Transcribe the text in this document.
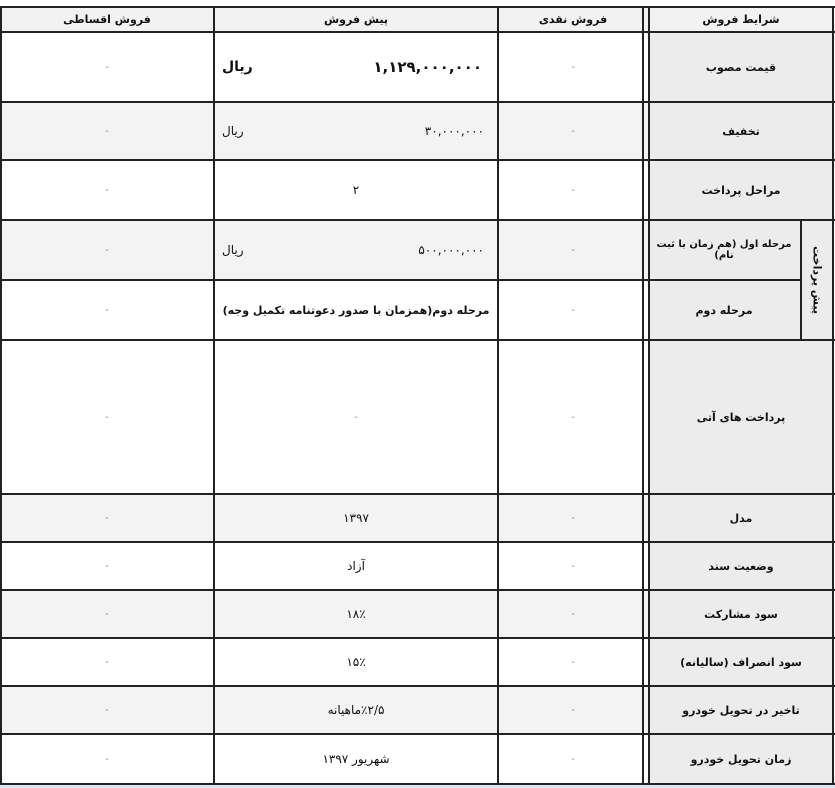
شرایط فروش
فروش نقدی
پیش فروش
فروش اقساطی
قیمت مصوب
-
۱,۱۲۹,۰۰۰,۰۰۰
ریال
-
تخفیف
-
۳۰,۰۰۰,۰۰۰
ریال
-
مراحل پرداخت
-
۲
-
پیش پرداخت
مرحله اول (هم زمان با ثبت نام)
-
۵۰۰,۰۰۰,۰۰۰
ریال
-
مرحله دوم
-
مرحله دوم(همزمان با صدور دعوتنامه تکمیل وجه)
-
پرداخت های آتی
-
-
-
مدل
-
۱۳۹۷
-
وضعیت سند
-
آزاد
-
سود مشارکت
-
۱۸٪
-
سود انصراف (سالیانه)
-
۱۵٪
-
تاخیر در تحویل خودرو
-
٪۲/۵ماهیانه
-
زمان تحویل خودرو
-
شهریور ۱۳۹۷
-
